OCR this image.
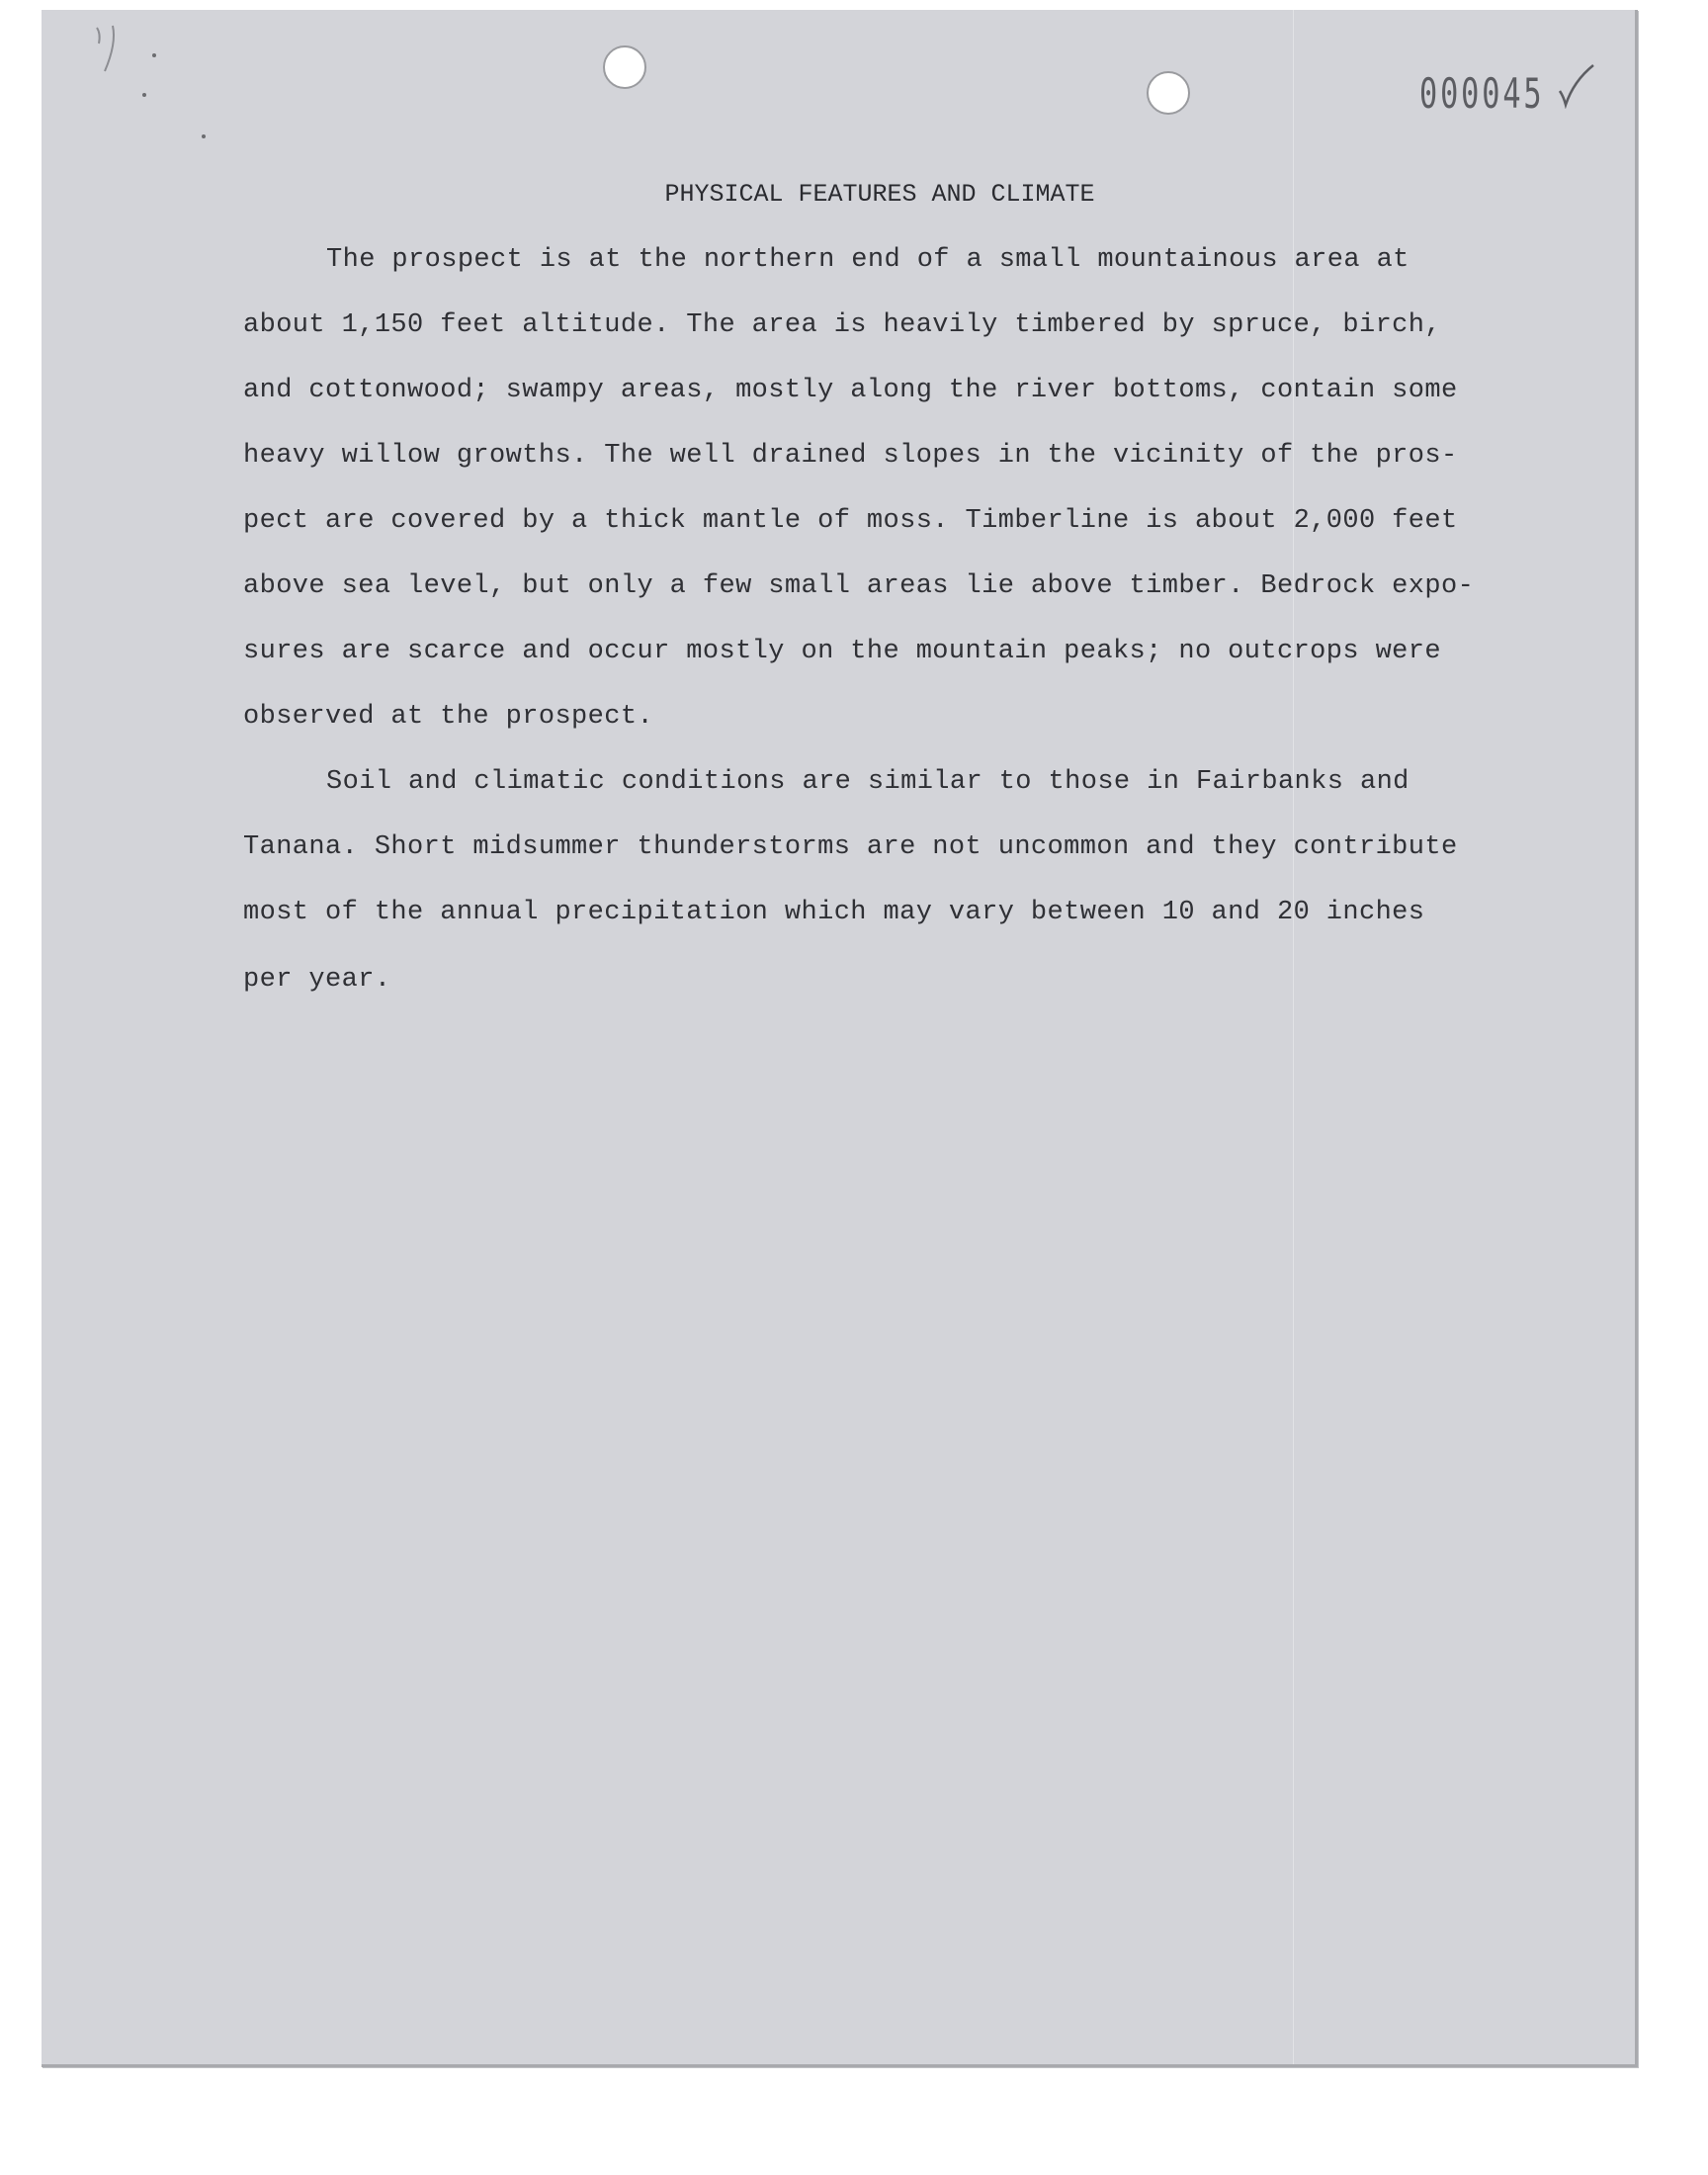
000045
PHYSICAL FEATURES AND CLIMATE
The prospect is at the northern end of a small mountainous area at
about 1,150 feet altitude. The area is heavily timbered by spruce, birch,
and cottonwood; swampy areas, mostly along the river bottoms, contain some
heavy willow growths. The well drained slopes in the vicinity of the pros-
pect are covered by a thick mantle of moss. Timberline is about 2,000 feet
above sea level, but only a few small areas lie above timber. Bedrock expo-
sures are scarce and occur mostly on the mountain peaks; no outcrops were
observed at the prospect.
Soil and climatic conditions are similar to those in Fairbanks and
Tanana. Short midsummer thunderstorms are not uncommon and they contribute
most of the annual precipitation which may vary between 10 and 20 inches
per year.
